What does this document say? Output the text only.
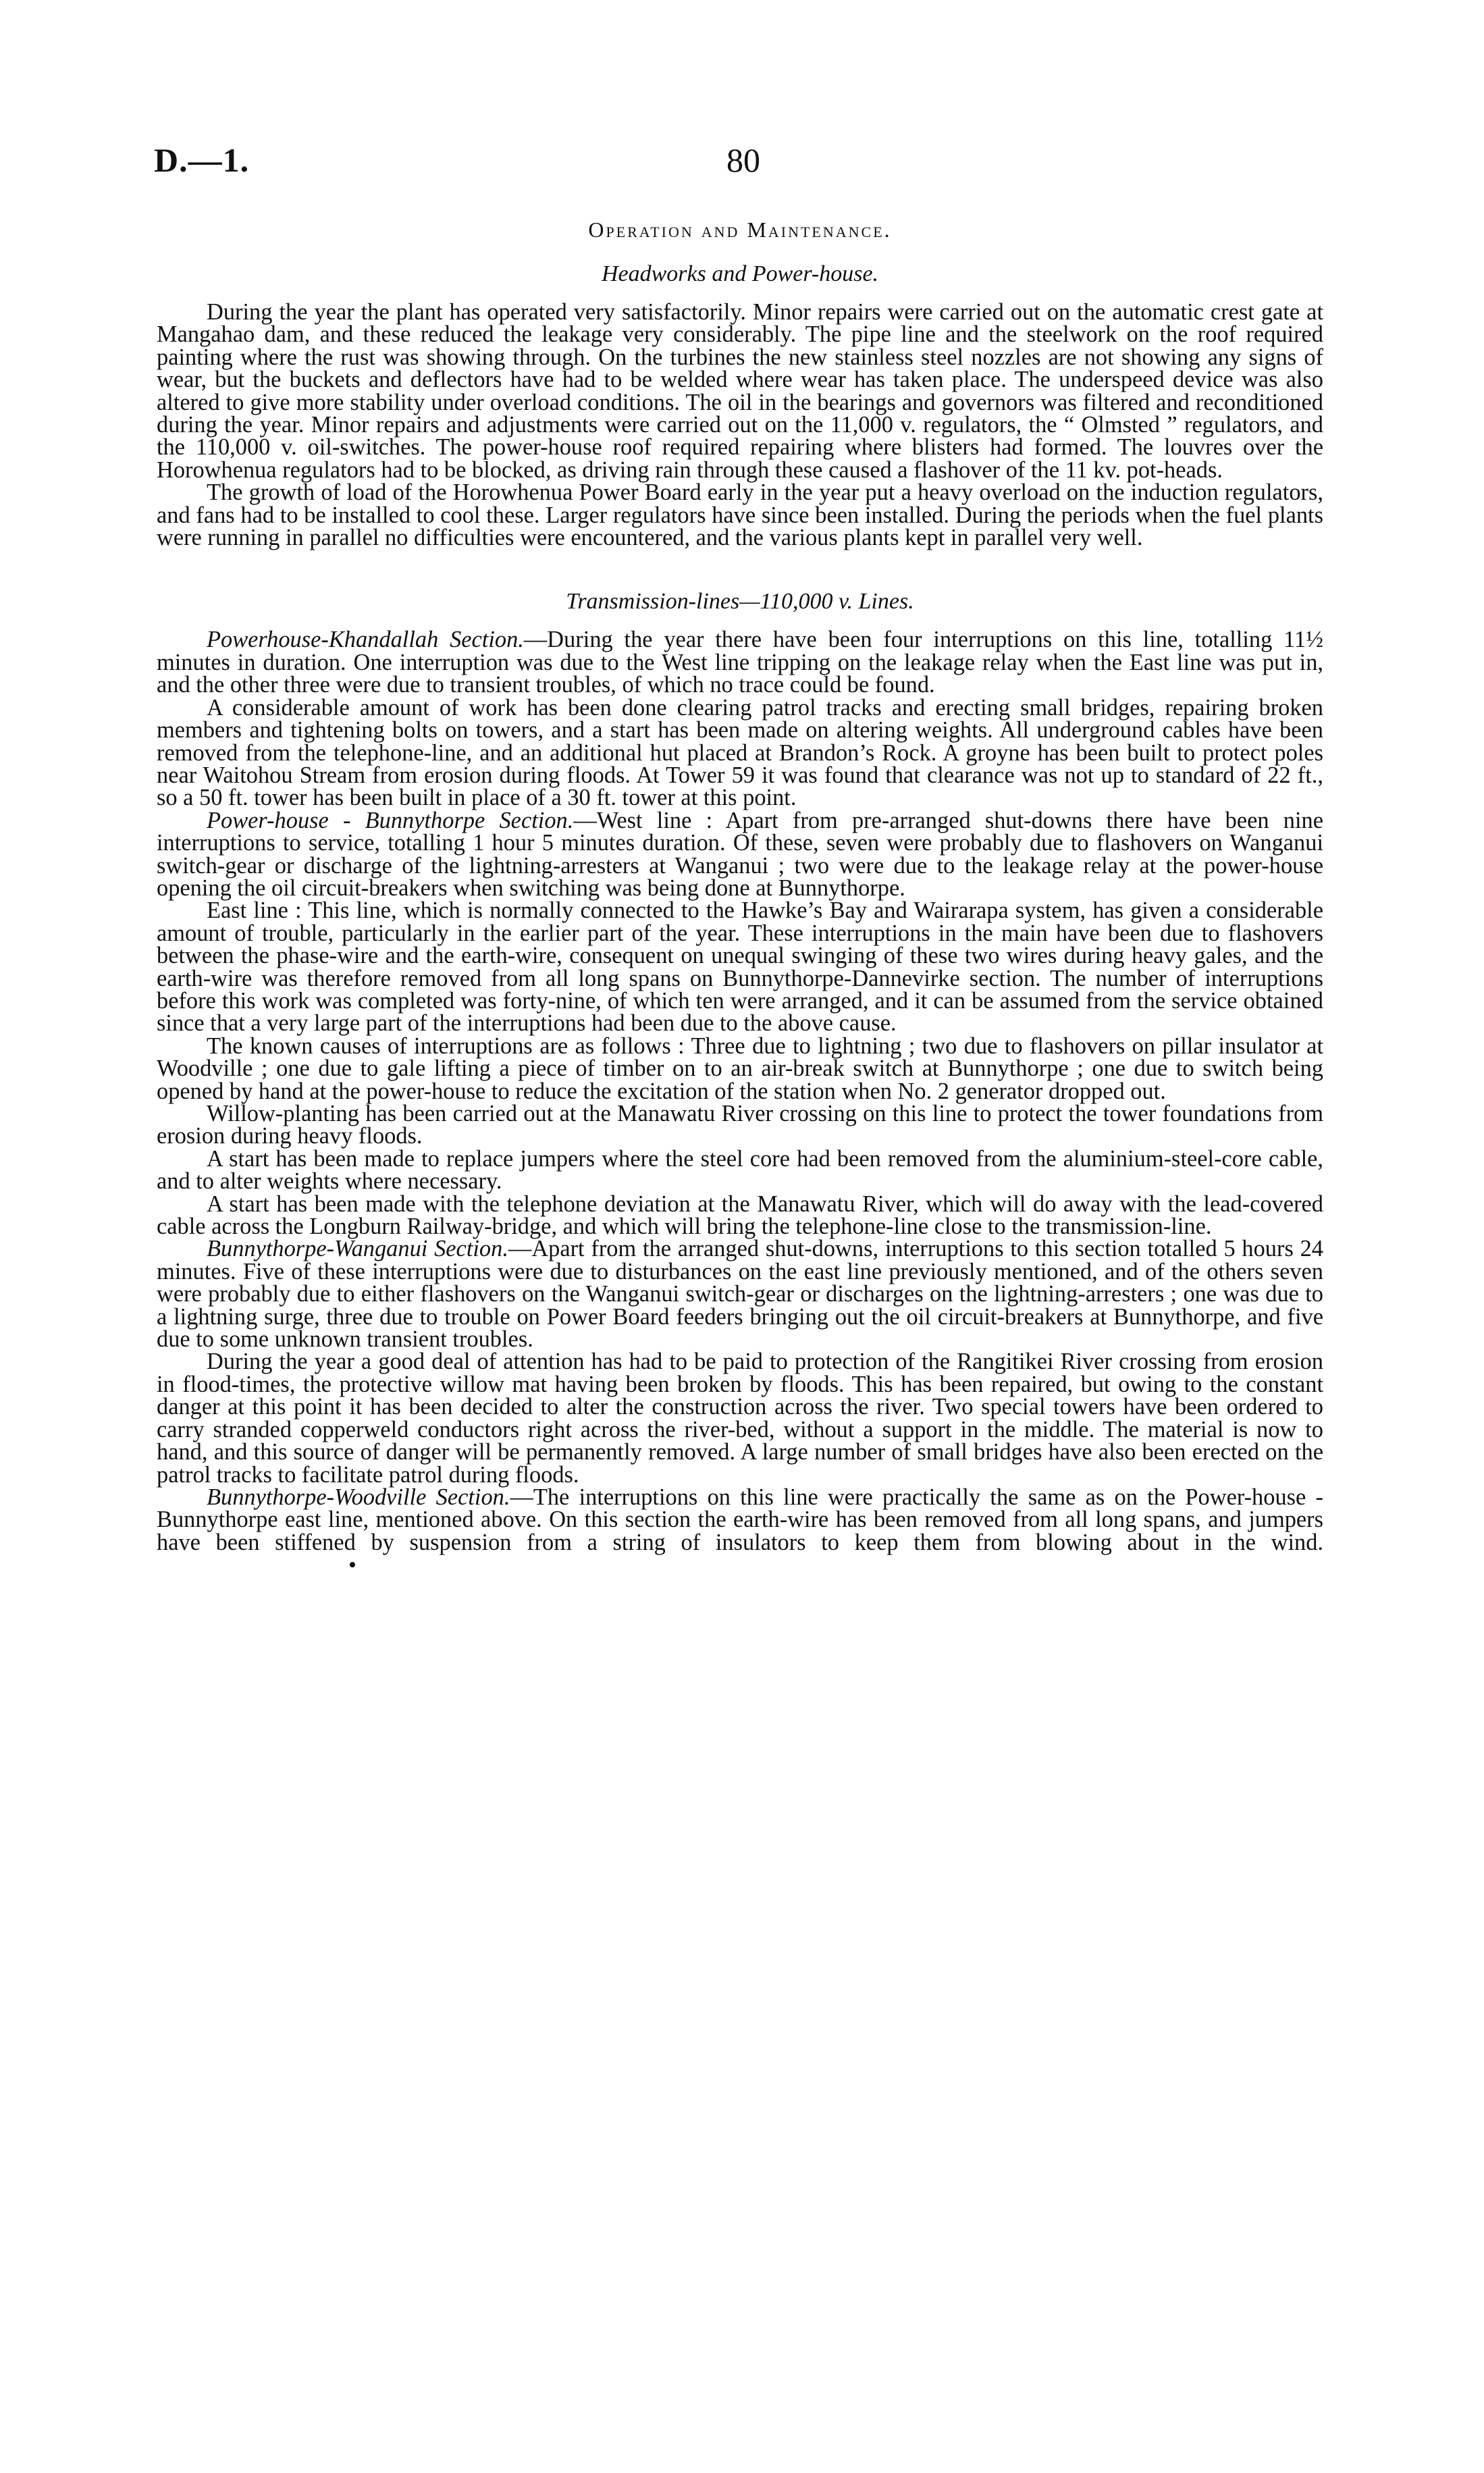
D.—1.	80
Operation and Maintenance.
Headworks and Power-house.

During the year the plant has operated very satisfactorily. Minor repairs were carried out on the automatic crest gate at Mangahao dam, and these reduced the leakage very considerably. The pipe line and the steelwork on the roof required painting where the rust was showing through. On the turbines the new stainless steel nozzles are not showing any signs of wear, but the buckets and deflectors have had to be welded where wear has taken place. The underspeed device was also altered to give more stability under overload conditions. The oil in the bearings and governors was filtered and reconditioned during the year. Minor repairs and adjustments were carried out on the 11,000 v. regulators, the “ Olmsted ” regulators, and the 110,000 v. oil-switches. The power-house roof required repairing where blisters had formed. The louvres over the Horowhenua regulators had to be blocked, as driving rain through these caused a flashover of the 11 kv. pot-heads.

The growth of load of the Horowhenua Power Board early in the year put a heavy overload on the induction regulators, and fans had to be installed to cool these. Larger regulators have since been installed. During the periods when the fuel plants were running in parallel no difficulties were encountered, and the various plants kept in parallel very well.

Transmission-lines—110,000 v. Lines.

Powerhouse-Khandallah Section.—During the year there have been four interruptions on this line, totalling 11½ minutes in duration. One interruption was due to the West line tripping on the leakage relay when the East line was put in, and the other three were due to transient troubles, of which no trace could be found.

A considerable amount of work has been done clearing patrol tracks and erecting small bridges, repairing broken members and tightening bolts on towers, and a start has been made on altering weights. All underground cables have been removed from the telephone-line, and an additional hut placed at Brandon’s Rock. A groyne has been built to protect poles near Waitohou Stream from erosion during floods. At Tower 59 it was found that clearance was not up to standard of 22 ft., so a 50 ft. tower has been built in place of a 30 ft. tower at this point.

Power-house - Bunnythorpe Section.—West line : Apart from pre-arranged shut-downs there have been nine interruptions to service, totalling 1 hour 5 minutes duration. Of these, seven were probably due to flashovers on Wanganui switch-gear or discharge of the lightning-arresters at Wanganui ; two were due to the leakage relay at the power-house opening the oil circuit-breakers when switching was being done at Bunnythorpe.

East line : This line, which is normally connected to the Hawke’s Bay and Wairarapa system, has given a considerable amount of trouble, particularly in the earlier part of the year. These interruptions in the main have been due to flashovers between the phase-wire and the earth-wire, consequent on unequal swinging of these two wires during heavy gales, and the earth-wire was therefore removed from all long spans on Bunnythorpe-Dannevirke section. The number of interruptions before this work was completed was forty-nine, of which ten were arranged, and it can be assumed from the service obtained since that a very large part of the interruptions had been due to the above cause.

The known causes of interruptions are as follows : Three due to lightning ; two due to flashovers on pillar insulator at Woodville ; one due to gale lifting a piece of timber on to an air-break switch at Bunnythorpe ; one due to switch being opened by hand at the power-house to reduce the excitation of the station when No. 2 generator dropped out.

Willow-planting has been carried out at the Manawatu River crossing on this line to protect the tower foundations from erosion during heavy floods.

A start has been made to replace jumpers where the steel core had been removed from the aluminium-steel-core cable, and to alter weights where necessary.

A start has been made with the telephone deviation at the Manawatu River, which will do away with the lead-covered cable across the Longburn Railway-bridge, and which will bring the telephone-line close to the transmission-line.

Bunnythorpe-Wanganui Section.—Apart from the arranged shut-downs, interruptions to this section totalled 5 hours 24 minutes. Five of these interruptions were due to disturbances on the east line previously mentioned, and of the others seven were probably due to either flashovers on the Wanganui switch-gear or discharges on the lightning-arresters ; one was due to a lightning surge, three due to trouble on Power Board feeders bringing out the oil circuit-breakers at Bunnythorpe, and five due to some unknown transient troubles.

During the year a good deal of attention has had to be paid to protection of the Rangitikei River crossing from erosion in flood-times, the protective willow mat having been broken by floods. This has been repaired, but owing to the constant danger at this point it has been decided to alter the construction across the river. Two special towers have been ordered to carry stranded copperweld conductors right across the river-bed, without a support in the middle. The material is now to hand, and this source of danger will be permanently removed. A large number of small bridges have also been erected on the patrol tracks to facilitate patrol during floods.

Bunnythorpe-Woodville Section.—The interruptions on this line were practically the same as on the Power-house - Bunnythorpe east line, mentioned above. On this section the earth-wire has been removed from all long spans, and jumpers have been stiffened by suspension from a string of insulators to keep them from blowing about in the wind.•
